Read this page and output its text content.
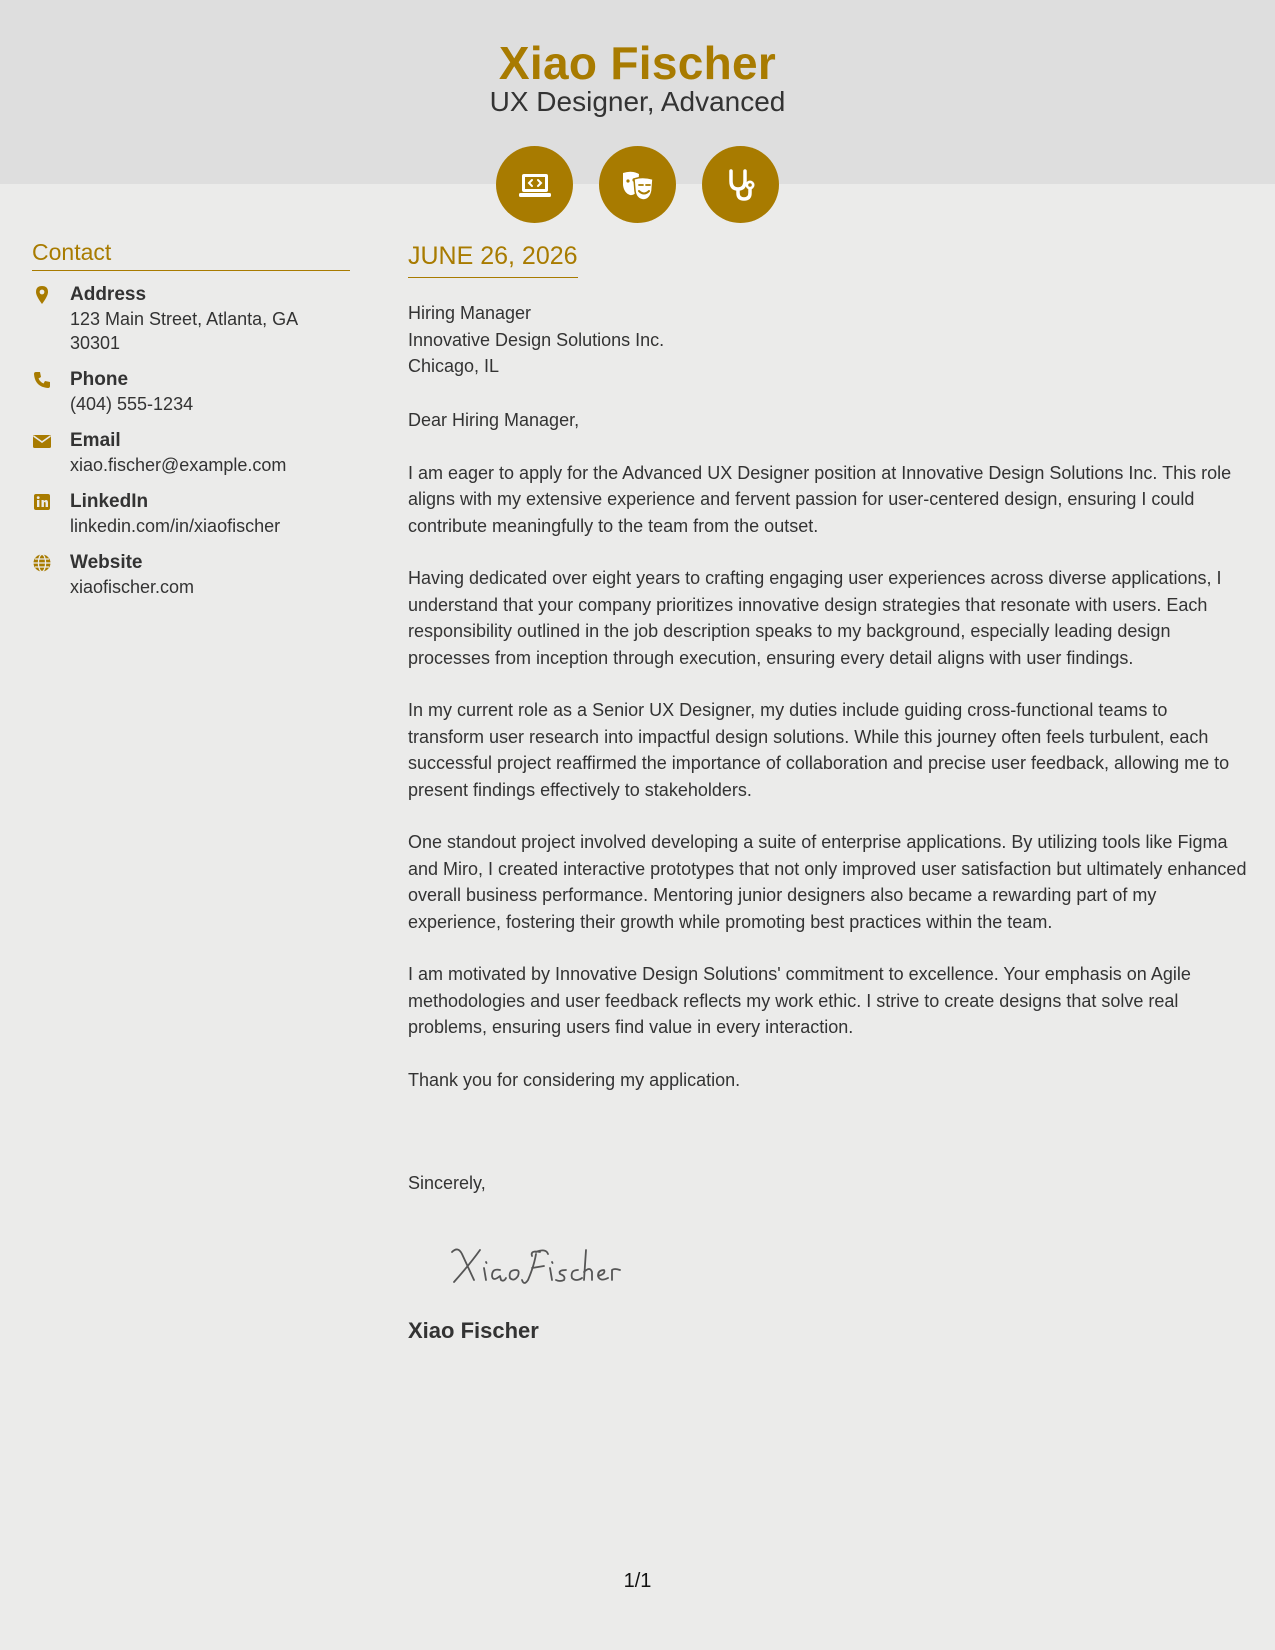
Xiao Fischer
UX Designer, Advanced
Contact
Address
123 Main Street, Atlanta, GA
30301
Phone
(404) 555-1234
Email
xiao.fischer@example.com
LinkedIn
linkedin.com/in/xiaofischer
Website
xiaofischer.com
JUNE 26, 2026
Hiring Manager
Innovative Design Solutions Inc.
Chicago, IL

Dear Hiring Manager,

I am eager to apply for the Advanced UX Designer position at Innovative Design Solutions Inc. This role aligns with my extensive experience and fervent passion for user-centered design, ensuring I could contribute meaningfully to the team from the outset.

Having dedicated over eight years to crafting engaging user experiences across diverse applications, I understand that your company prioritizes innovative design strategies that resonate with users. Each responsibility outlined in the job description speaks to my background, especially leading design processes from inception through execution, ensuring every detail aligns with user findings.

In my current role as a Senior UX Designer, my duties include guiding cross-functional teams to transform user research into impactful design solutions. While this journey often feels turbulent, each successful project reaffirmed the importance of collaboration and precise user feedback, allowing me to present findings effectively to stakeholders.

One standout project involved developing a suite of enterprise applications. By utilizing tools like Figma and Miro, I created interactive prototypes that not only improved user satisfaction but ultimately enhanced overall business performance. Mentoring junior designers also became a rewarding part of my experience, fostering their growth while promoting best practices within the team.

I am motivated by Innovative Design Solutions' commitment to excellence. Your emphasis on Agile methodologies and user feedback reflects my work ethic. I strive to create designs that solve real problems, ensuring users find value in every interaction.

Thank you for considering my application.

Sincerely,
Xiao Fischer
1/1
